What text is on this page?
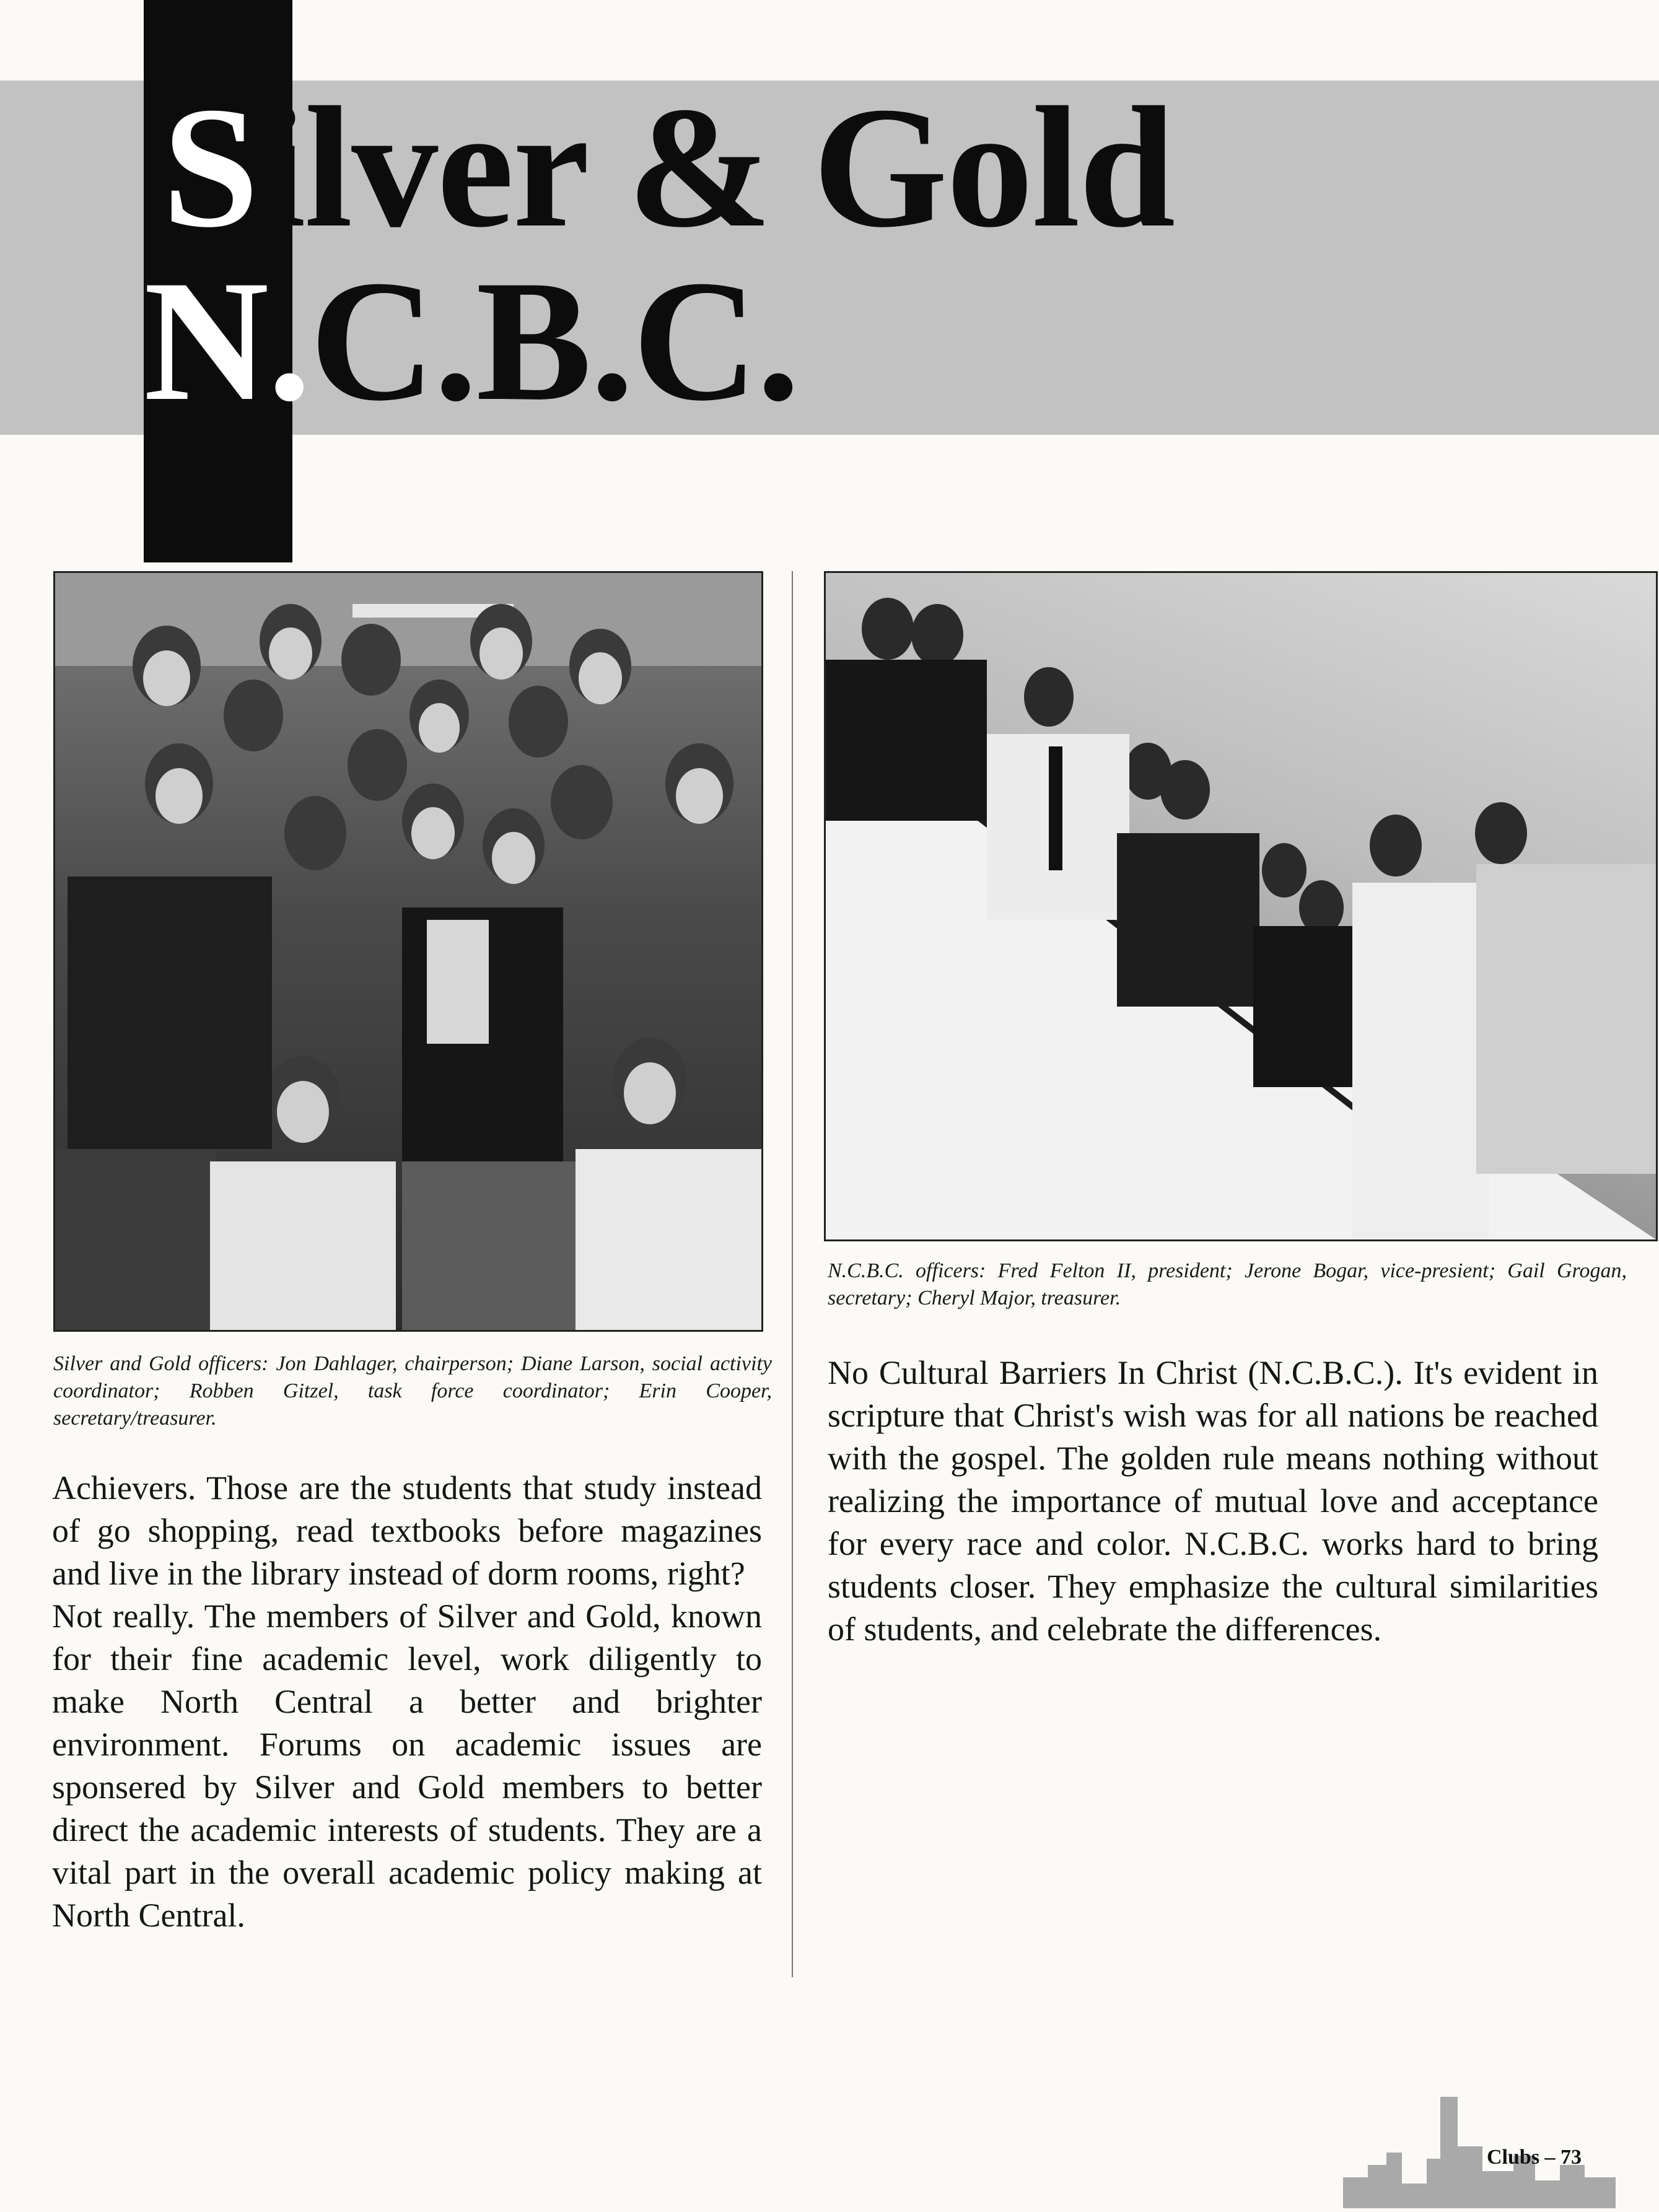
Silver & Gold
N.C.B.C.
Silver and Gold officers: Jon Dahlager, chairperson; Diane Larson, social activity coordinator; Robben Gitzel, task force coordinator; Erin Cooper, secretary/treasurer.
N.C.B.C. officers: Fred Felton II, president; Jerone Bogar, vice-presient; Gail Grogan, secretary; Cheryl Major, treasurer.

Achievers. Those are the students that study instead of go shopping, read textbooks before magazines and live in the library instead of dorm rooms, right?

Not really. The members of Silver and Gold, known for their fine academic level, work diligently to make North Central a better and brighter environment. Forums on academic issues are sponsered by Silver and Gold members to better direct the academic interests of students. They are a vital part in the overall academic policy making at North Central.

No Cultural Barriers In Christ (N.C.B.C.). It's evident in scripture that Christ's wish was for all nations be reached with the gospel. The golden rule means nothing without realizing the importance of mutual love and acceptance for every race and color. N.C.B.C. works hard to bring students closer. They emphasize the cultural similarities of students, and celebrate the differences.

Clubs – 73
